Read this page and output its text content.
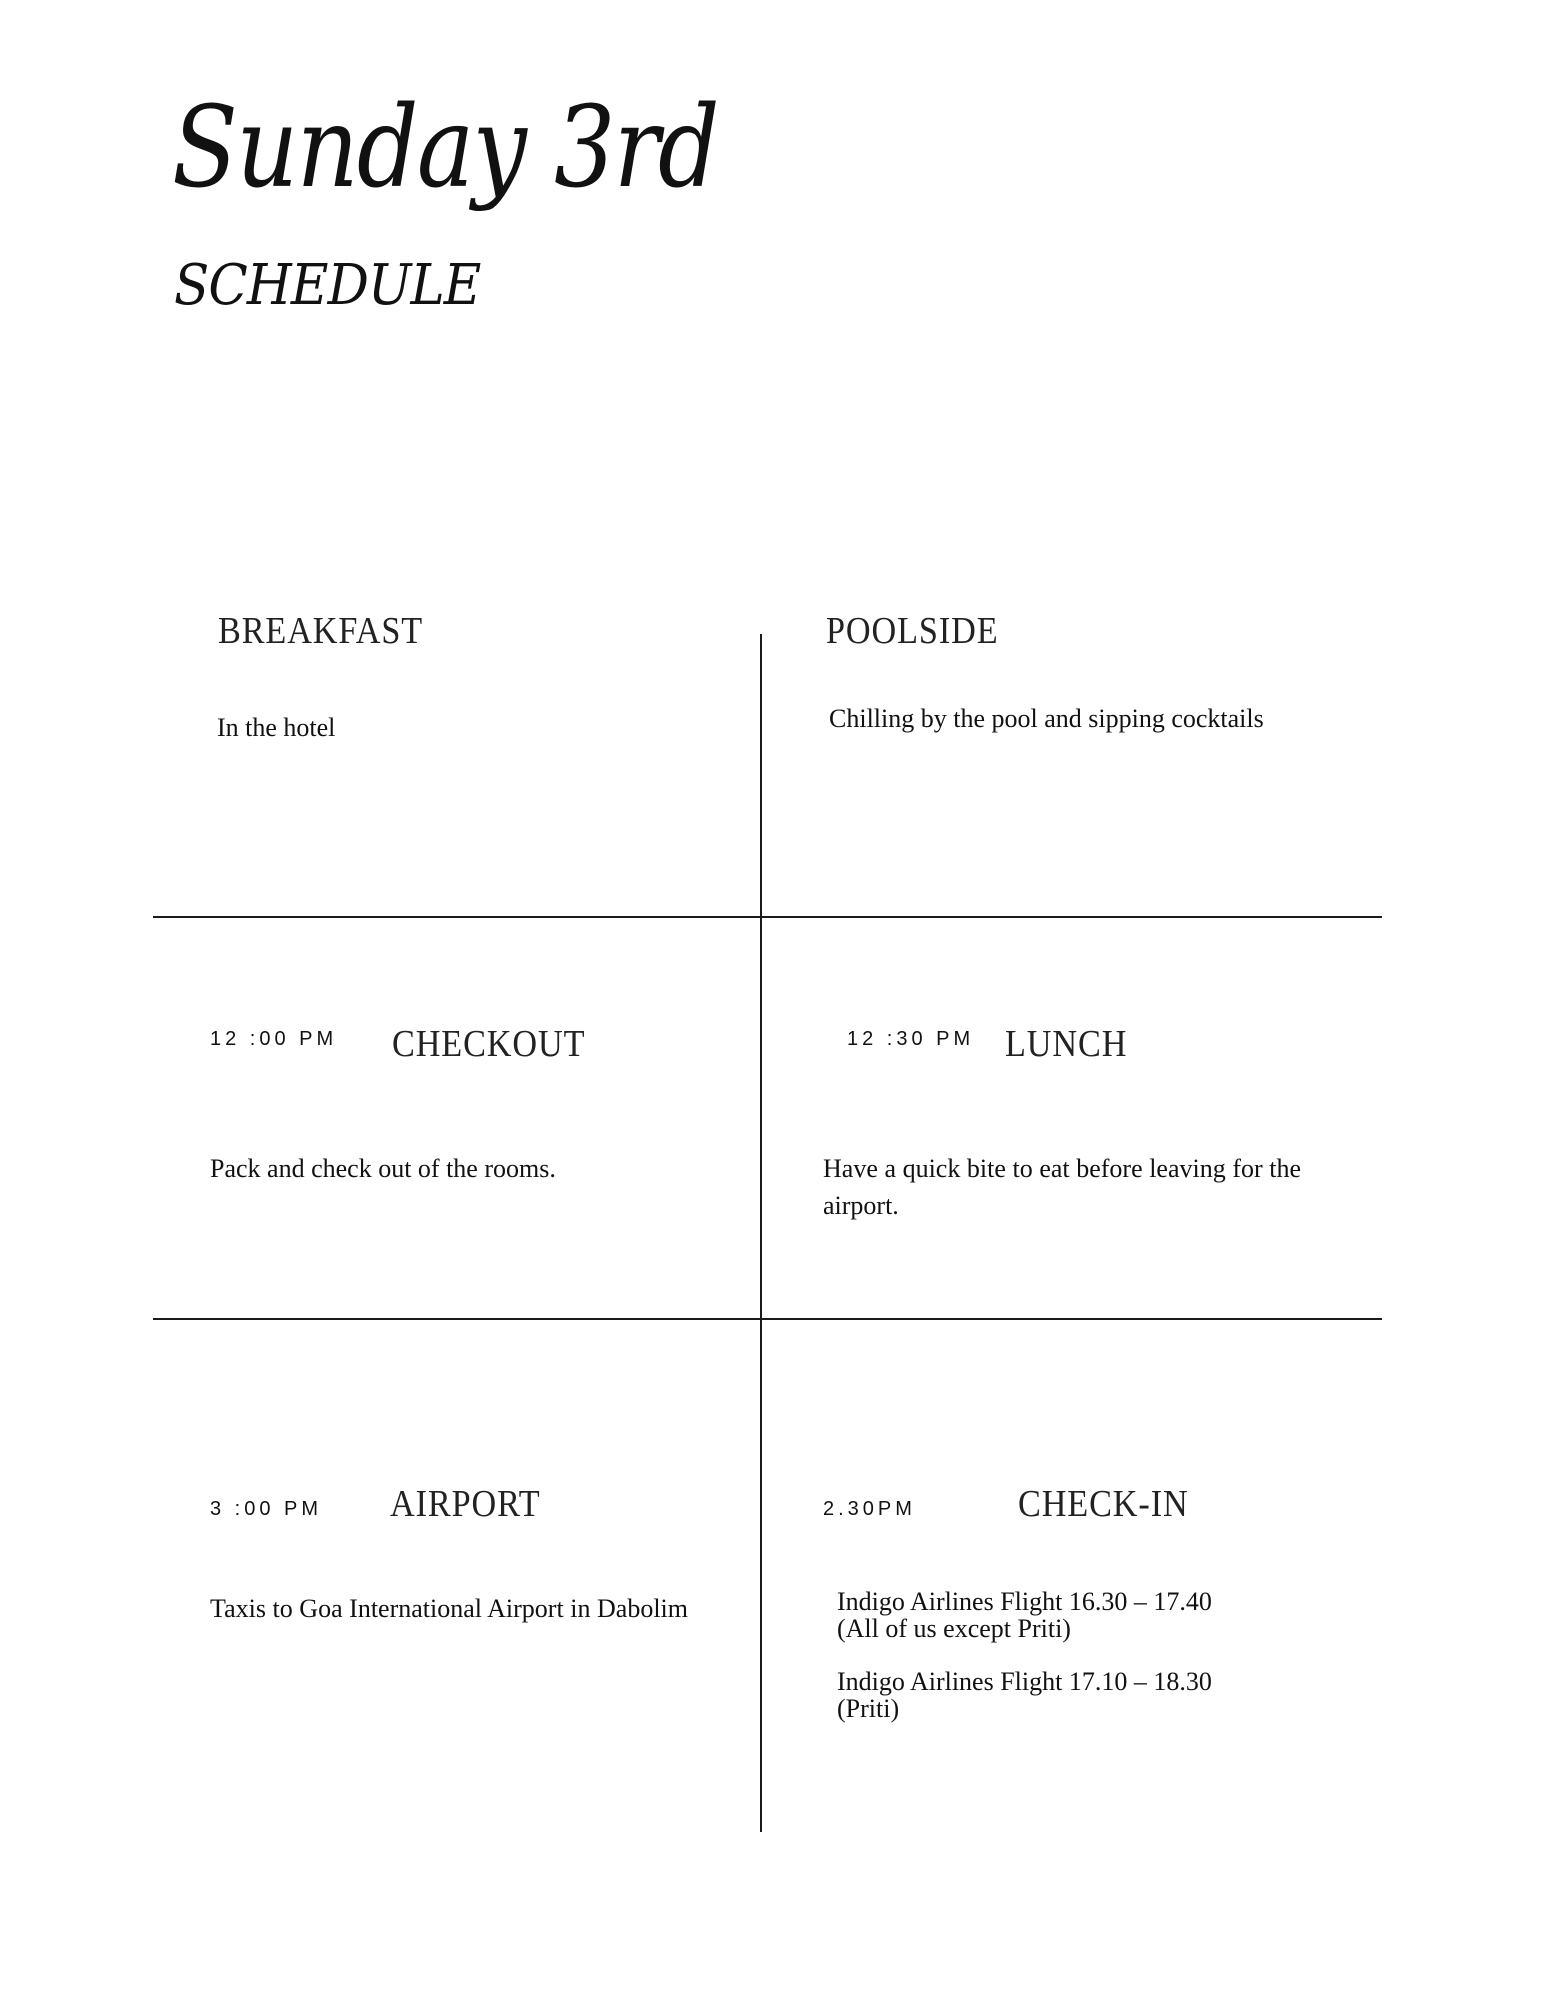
Sunday 3rd
SCHEDULE
BREAKFAST
In the hotel
POOLSIDE
Chilling by the pool and sipping cocktails
12 :00 PM CHECKOUT
Pack and check out of the rooms.
12 :30 PM LUNCH
Have a quick bite to eat before leaving for the airport.
3 :00 PM AIRPORT
Taxis to Goa International Airport in Dabolim
2.30PM	CHECK-IN
Indigo Airlines Flight 16.30 – 17.40
(All of us except Priti)
Indigo Airlines Flight 17.10 – 18.30
(Priti)
